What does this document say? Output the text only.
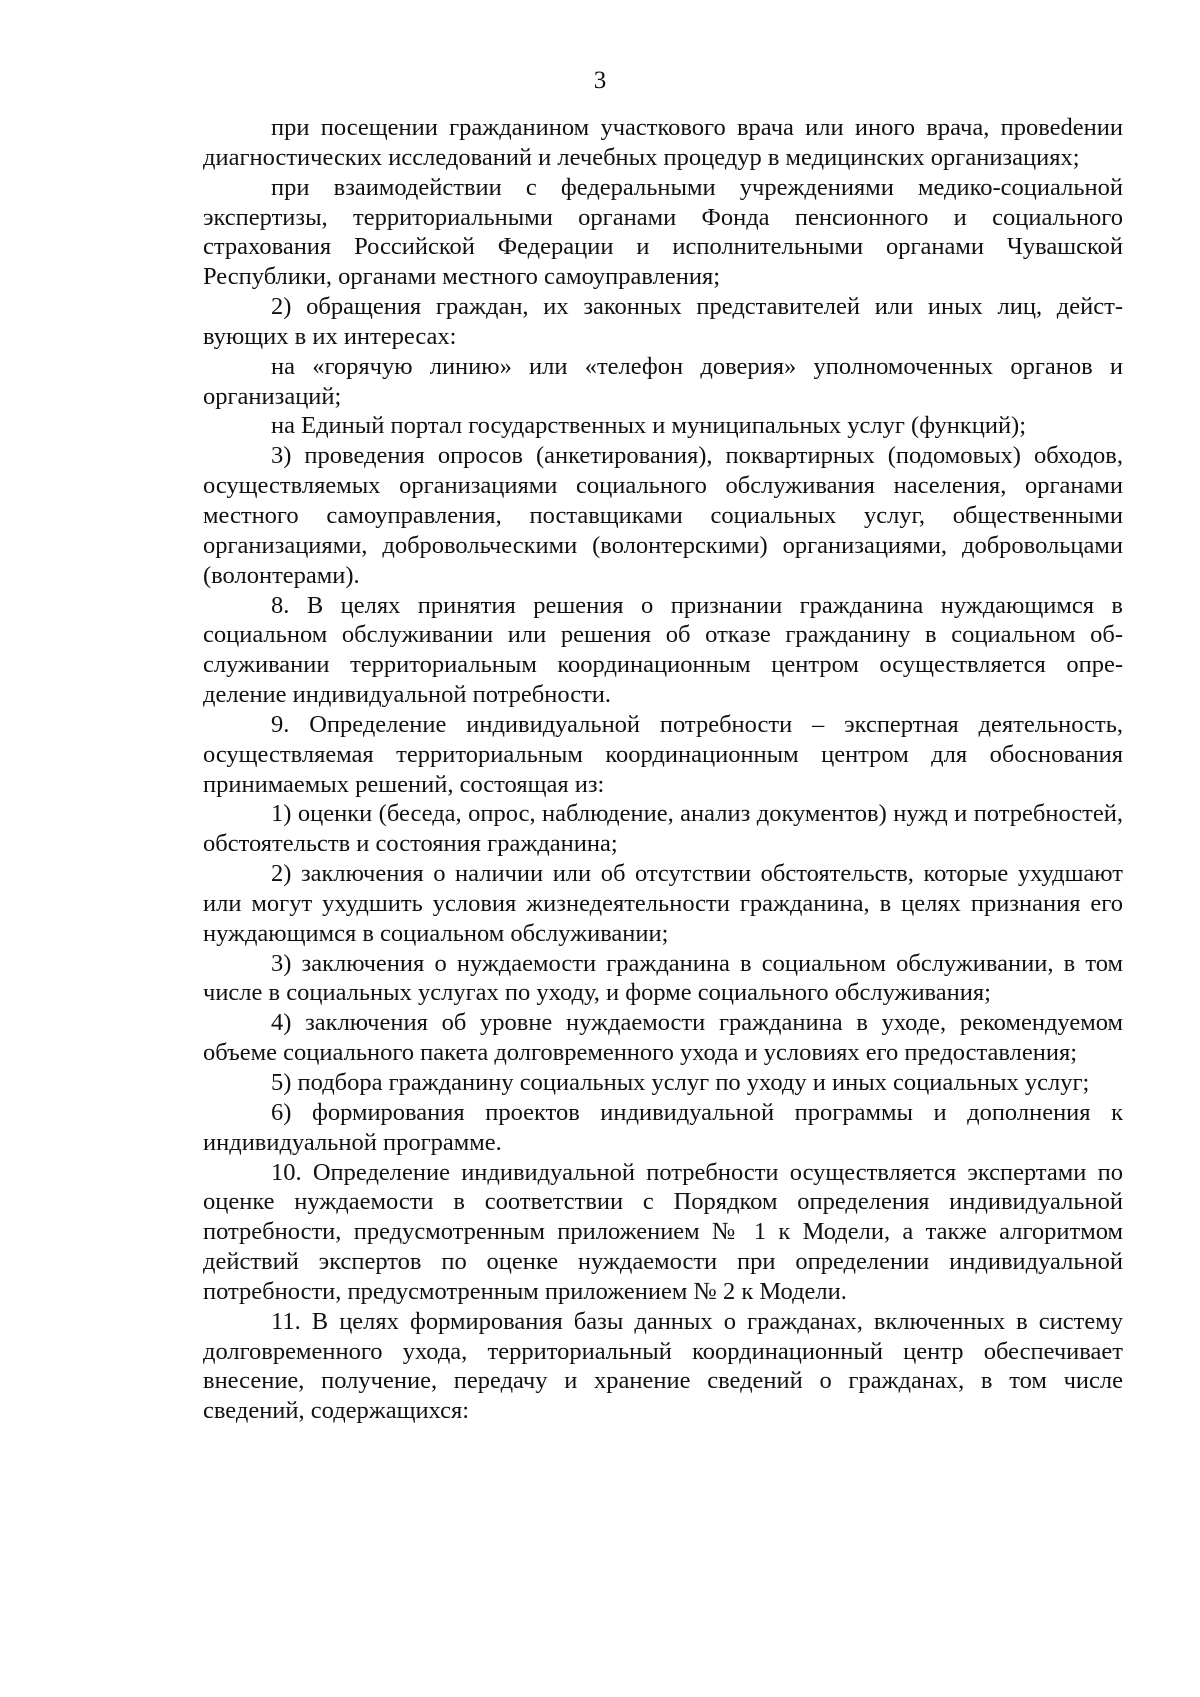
3

при посещении гражданином участкового врача или иного врача, провеdении диагностических исследований и лечебных процедур в медицинских организациях;

при взаимодействии с федеральными учреждениями медико-социальной экспертизы, территориальными органами Фонда пенсионного и социального страхования Российской Федерации и исполнительными органами Чувашской Республики, органами местного самоуправления;

2) обращения граждан, их законных представителей или иных лиц, действующих в их интересах:

на «горячую линию» или «телефон доверия» уполномоченных органов и организаций;

на Единый портал государственных и муниципальных услуг (функций);

3) проведения опросов (анкетирования), поквартирных (подомовых) обходов, осуществляемых организациями социального обслуживания населения, органами местного самоуправления, поставщиками социальных услуг, общественными организациями, добровольческими (волонтерскими) организациями, добровольцами (волонтерами).

8. В целях принятия решения о признании гражданина нуждающимся в социальном обслуживании или решения об отказе гражданину в социальном обслуживании территориальным координационным центром осуществляется определение индивидуальной потребности.

9. Определение индивидуальной потребности – экспертная деятельность, осуществляемая территориальным координационным центром для обоснования принимаемых решений, состоящая из:

1) оценки (беседа, опрос, наблюдение, анализ документов) нужд и потребностей, обстоятельств и состояния гражданина;

2) заключения о наличии или об отсутствии обстоятельств, которые ухудшают или могут ухудшить условия жизнедеятельности гражданина, в целях признания его нуждающимся в социальном обслуживании;

3) заключения о нуждаемости гражданина в социальном обслуживании, в том числе в социальных услугах по уходу, и форме социального обслуживания;

4) заключения об уровне нуждаемости гражданина в уходе, рекомендуемом объеме социального пакета долговременного ухода и условиях его предоставления;

5) подбора гражданину социальных услуг по уходу и иных социальных услуг;

6) формирования проектов индивидуальной программы и дополнения к индивидуальной программе.

10. Определение индивидуальной потребности осуществляется экспертами по оценке нуждаемости в соответствии с Порядком определения индивидуальной потребности, предусмотренным приложением № 1 к Модели, а также алгоритмом действий экспертов по оценке нуждаемости при определении индивидуальной потребности, предусмотренным приложением № 2 к Модели.

11. В целях формирования базы данных о гражданах, включенных в систему долговременного ухода, территориальный координационный центр обеспечивает внесение, получение, передачу и хранение сведений о гражданах, в том числе сведений, содержащихся:
